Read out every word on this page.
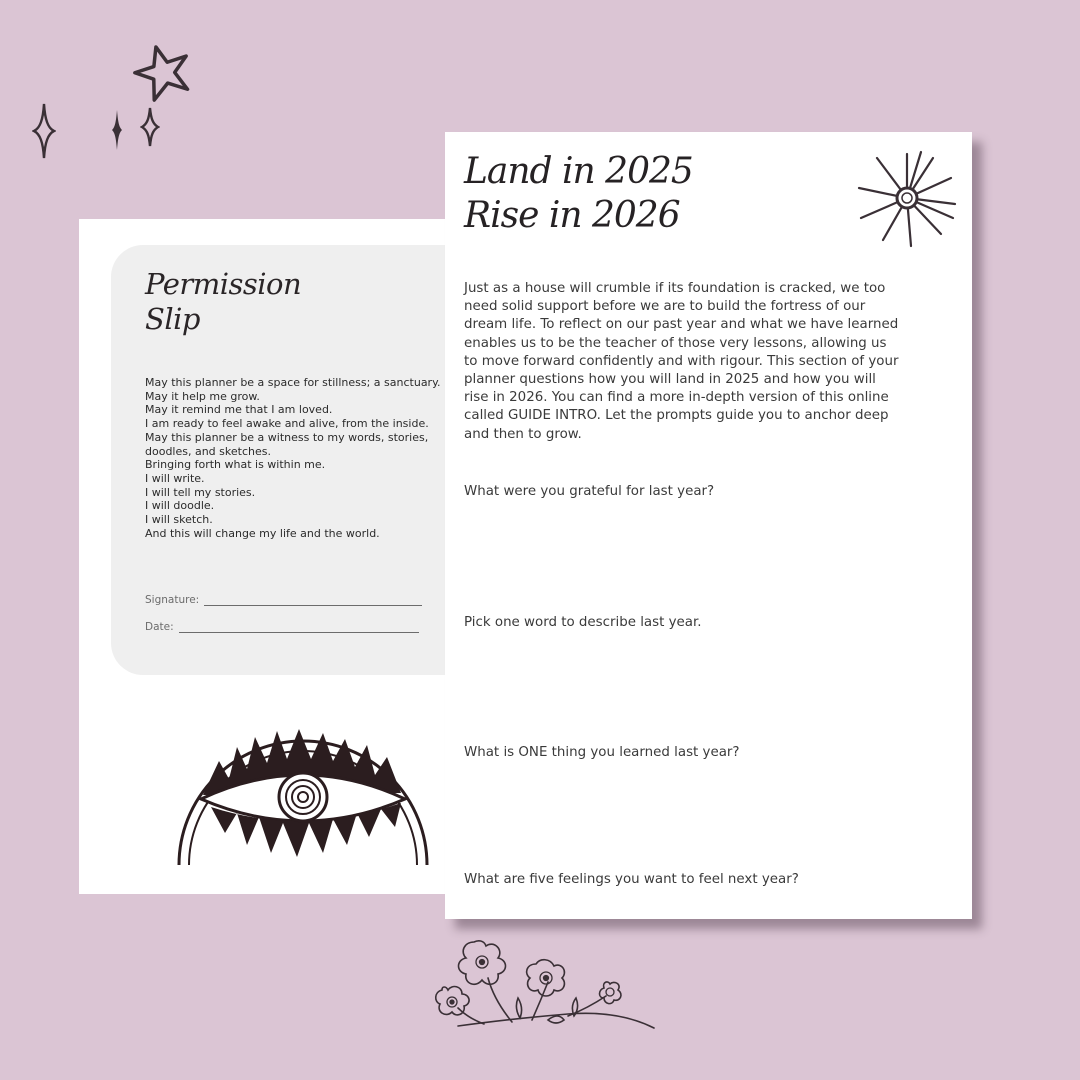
Permission
Slip
May this planner be a space for stillness; a sanctuary.
May it help me grow.
May it remind me that I am loved.
I am ready to feel awake and alive, from the inside.
May this planner be a witness to my words, stories,
doodles, and sketches.
Bringing forth what is within me.
I will write.
I will tell my stories.
I will doodle.
I will sketch.
And this will change my life and the world.
Signature:
Date:
Land in 2025
Rise in 2026
Just as a house will crumble if its foundation is cracked, we too
need solid support before we are to build the fortress of our
dream life. To reflect on our past year and what we have learned
enables us to be the teacher of those very lessons, allowing us
to move forward confidently and with rigour. This section of your
planner questions how you will land in 2025 and how you will
rise in 2026. You can find a more in-depth version of this online
called GUIDE INTRO. Let the prompts guide you to anchor deep
and then to grow.

What were you grateful for last year?

Pick one word to describe last year.

What is ONE thing you learned last year?

What are five feelings you want to feel next year?
